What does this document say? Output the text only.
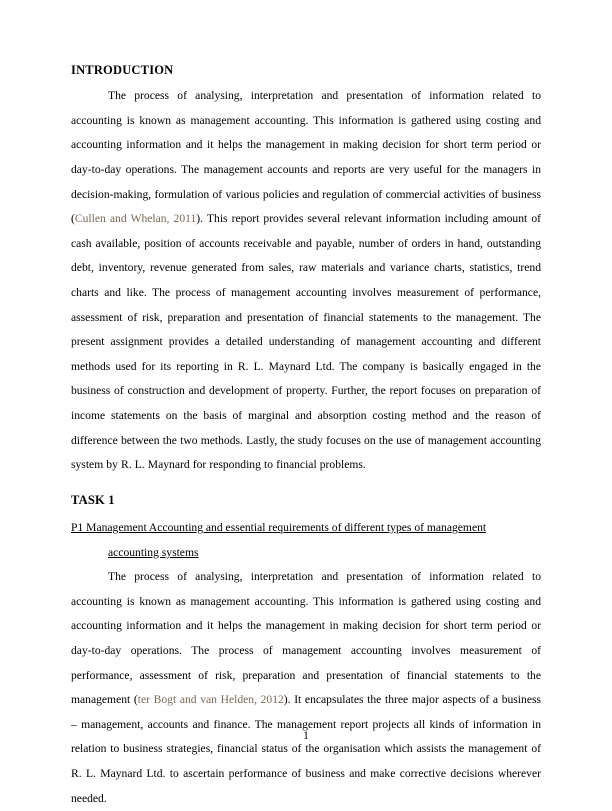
INTRODUCTION

The process of analysing, interpretation and presentation of information related to accounting is known as management accounting. This information is gathered using costing and accounting information and it helps the management in making decision for short term period or day-to-day operations. The management accounts and reports are very useful for the managers in decision-making, formulation of various policies and regulation of commercial activities of business (Cullen and Whelan, 2011). This report provides several relevant information including amount of cash available, position of accounts receivable and payable, number of orders in hand, outstanding debt, inventory, revenue generated from sales, raw materials and variance charts, statistics, trend charts and like. The process of management accounting involves measurement of performance, assessment of risk, preparation and presentation of financial statements to the management. The present assignment provides a detailed understanding of management accounting and different methods used for its reporting in R. L. Maynard Ltd. The company is basically engaged in the business of construction and development of property. Further, the report focuses on preparation of income statements on the basis of marginal and absorption costing method and the reason of difference between the two methods. Lastly, the study focuses on the use of management accounting system by R. L. Maynard for responding to financial problems.

TASK 1
P1 Management Accounting and essential requirements of different types of management
accounting systems

The process of analysing, interpretation and presentation of information related to accounting is known as management accounting. This information is gathered using costing and accounting information and it helps the management in making decision for short term period or day-to-day operations. The process of management accounting involves measurement of performance, assessment of risk, preparation and presentation of financial statements to the management (ter Bogt and van Helden, 2012). It encapsulates the three major aspects of a business – management, accounts and finance. The management report projects all kinds of information in relation to business strategies, financial status of the organisation which assists the management of R. L. Maynard Ltd. to ascertain performance of business and make corrective decisions wherever needed.

1
